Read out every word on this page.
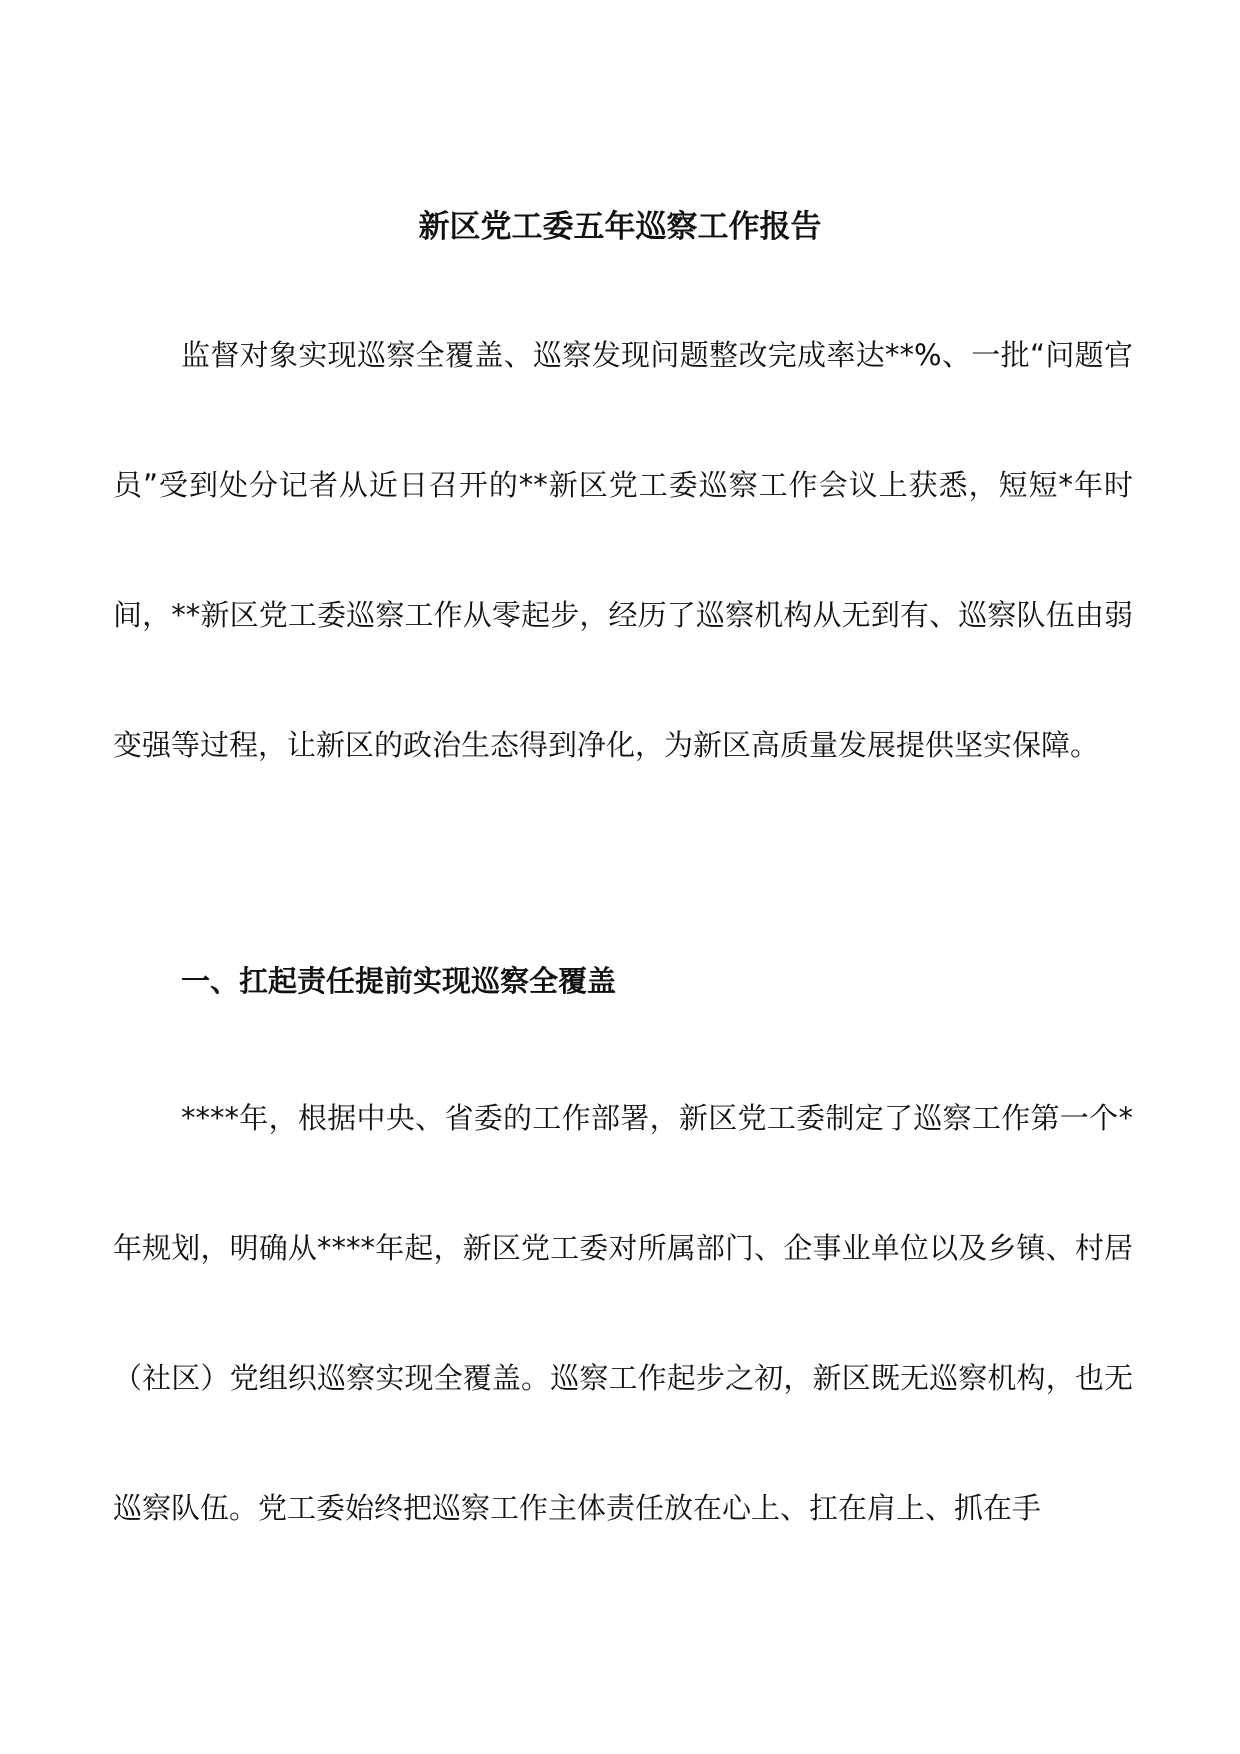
新区党工委五年巡察工作报告

监督对象实现巡察全覆盖、巡察发现问题整改完成率达**%、一批“问题官员”受到处分记者从近日召开的**新区党工委巡察工作会议上获悉，短短*年时间，**新区党工委巡察工作从零起步，经历了巡察机构从无到有、巡察队伍由弱变强等过程，让新区的政治生态得到净化，为新区高质量发展提供坚实保障。

一、扛起责任提前实现巡察全覆盖

****年，根据中央、省委的工作部署，新区党工委制定了巡察工作第一个*年规划，明确从****年起，新区党工委对所属部门、企事业单位以及乡镇、村居（社区）党组织巡察实现全覆盖。巡察工作起步之初，新区既无巡察机构，也无巡察队伍。党工委始终把巡察工作主体责任放在心上、扛在肩上、抓在手
